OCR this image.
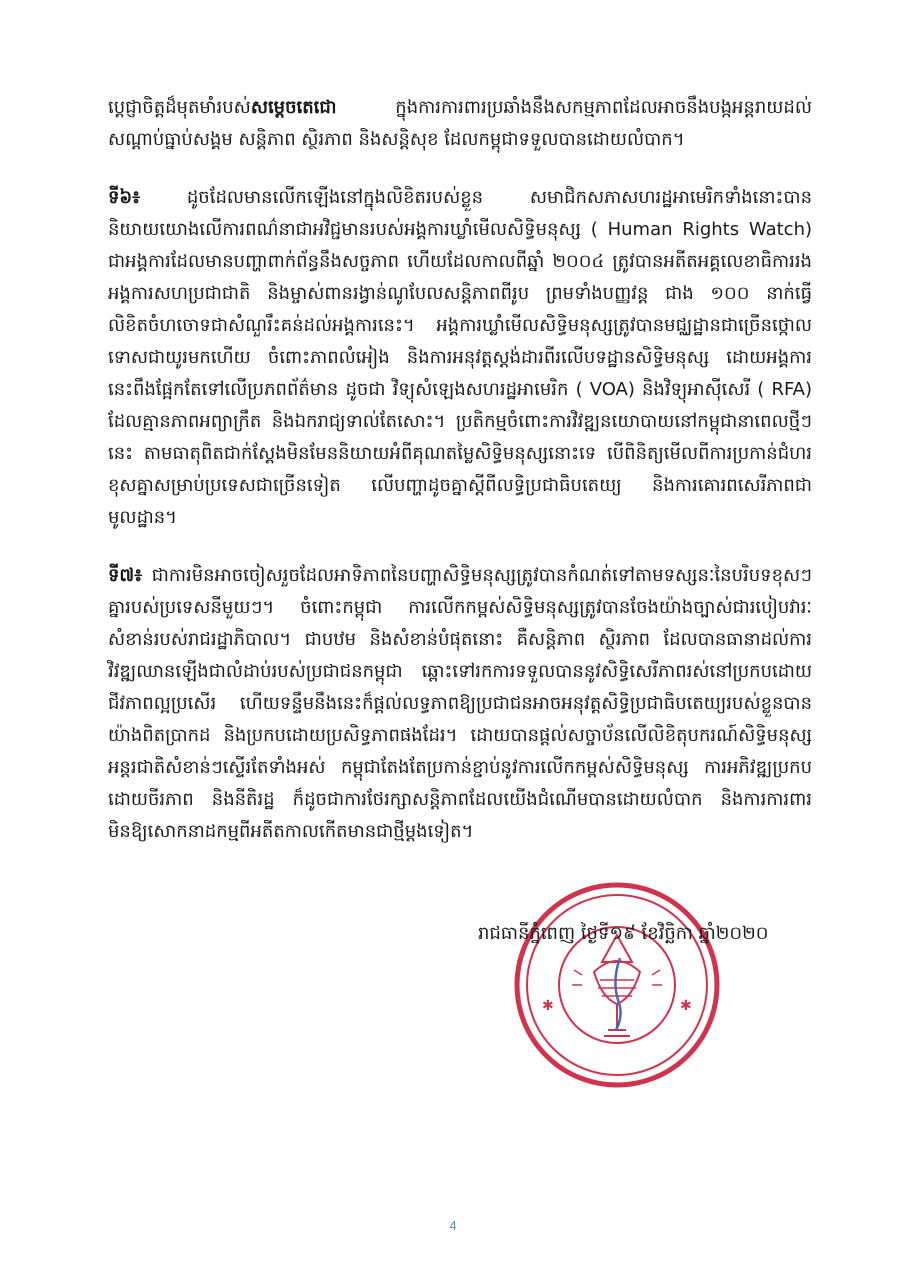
ប្ដេជ្ញាចិត្តដ៏មុតមាំរបស់សម្តេចតេជោ ក្នុងការការពារប្រឆាំងនឹងសកម្មភាពដែលអាចនឹងបង្កអន្តរាយដល់សណ្ដាប់ធ្នាប់សង្គម សន្តិភាព ស្ថិរភាព និងសន្តិសុខ ដែលកម្ពុជាទទួលបានដោយលំបាក។

ទី៦៖ ដូចដែលមានលើកឡើងនៅក្នុងលិខិតរបស់ខ្លួន សមាជិកសភាសហរដ្ឋអាមេរិកទាំងនោះបាននិយាយយោងលើការពណ៌នាជាអវិជ្ជមានរបស់អង្គការឃ្លាំមើលសិទ្ធិមនុស្ស ( Human Rights Watch) ជាអង្គការដែលមានបញ្ហាពាក់ព័ន្ធនឹងសច្ចភាព ហើយដែលកាលពីឆ្នាំ ២០០៤ ត្រូវបានអតីតអគ្គលេខាធិការរងអង្គការសហប្រជាជាតិ និងម្ចាស់ពានរង្វាន់ណូបែលសន្តិភាពពីរូប ព្រមទាំងបញ្ញវន្ត ជាង ១០០ នាក់ធ្វើលិខិតចំហចោទជាសំណួរឹះគន់ដល់អង្គការនេះ។ អង្គការឃ្លាំមើលសិទ្ធិមនុស្សត្រូវបានមជ្ឈដ្ឋានជាច្រើនថ្កោលទោសជាយូរមកហើយ ចំពោះភាពលំអៀង និងការអនុវត្តស្តង់ដារពីរលើបទដ្ឋានសិទ្ធិមនុស្ស ដោយអង្គការនេះពឹងផ្អែកតែទៅលើប្រភពព័ត៌មាន ដូចជា វិទ្យុសំឡេងសហរដ្ឋអាមេរិក ( VOA) និងវិទ្យុអាស៊ីសេរី ( RFA) ដែលគ្មានភាពអព្យាក្រឹត និងឯករាជ្យទាល់តែសោះ។ ប្រតិកម្មចំពោះការវិវឌ្ឍនយោបាយនៅកម្ពុជានាពេលថ្មីៗនេះ តាមធាតុពិតជាក់ស្ដែងមិនមែននិយាយអំពីគុណតម្លៃសិទ្ធិមនុស្សនោះទេ បើពិនិត្យមើលពីការប្រកាន់ជំហរខុសគ្នាសម្រាប់ប្រទេសជាច្រើនទៀត លើបញ្ហាដូចគ្នាស្តីពីលទ្ធិប្រជាធិបតេយ្យ និងការគោរពសេរីភាពជាមូលដ្ឋាន។

ទី៧៖ ជាការមិនអាចចៀសរួចដែលអាទិភាពនៃបញ្ហាសិទ្ធិមនុស្សត្រូវបានកំណត់ទៅតាមទស្សនៈនៃបរិបទខុសៗគ្នារបស់ប្រទេសនីមួយៗ។ ចំពោះកម្ពុជា ការលើកកម្ពស់សិទ្ធិមនុស្សត្រូវបានចែងយ៉ាងច្បាស់ជារបៀបវារៈសំខាន់របស់រាជរដ្ឋាភិបាល។ ជាបឋម និងសំខាន់បំផុតនោះ គឺសន្តិភាព ស្ថិរភាព ដែលបានធានាដល់ការវិវឌ្ឍឈានឡើងជាលំដាប់របស់ប្រជាជនកម្ពុជា ឆ្ពោះទៅរកការទទួលបាននូវសិទ្ធិសេរីភាពរស់នៅប្រកបដោយជីវភាពល្អប្រសើរ ហើយទន្ទឹមនឹងនេះក៏ផ្ដល់លទ្ធភាពឱ្យប្រជាជនអាចអនុវត្តសិទ្ធិប្រជាធិបតេយ្យរបស់ខ្លួនបានយ៉ាងពិតប្រាកដ និងប្រកបដោយប្រសិទ្ធភាពផងដែរ។ ដោយបានផ្ដល់សច្ចាប័នលើលិខិតុបករណ៍សិទ្ធិមនុស្សអន្តរជាតិសំខាន់ៗស្ទើរតែទាំងអស់ កម្ពុជាតែងតែប្រកាន់ខ្ជាប់នូវការលើកកម្ពស់សិទ្ធិមនុស្ស ការអភិវឌ្ឍប្រកបដោយចីរភាព និងនីតិរដ្ឋ ក៏ដូចជាការថែរក្សាសន្តិភាពដែលយើងជំណើមបានដោយលំបាក និងការការពារមិនឱ្យសោកនាដកម្មពីអតីតកាលកើតមានជាថ្មីម្ដងទៀត។

✱	✱
រាជធានីភ្នំពេញ ថ្ងៃទី១៩ ខែវិច្ឆិកា ឆ្នាំ២០២០
4
